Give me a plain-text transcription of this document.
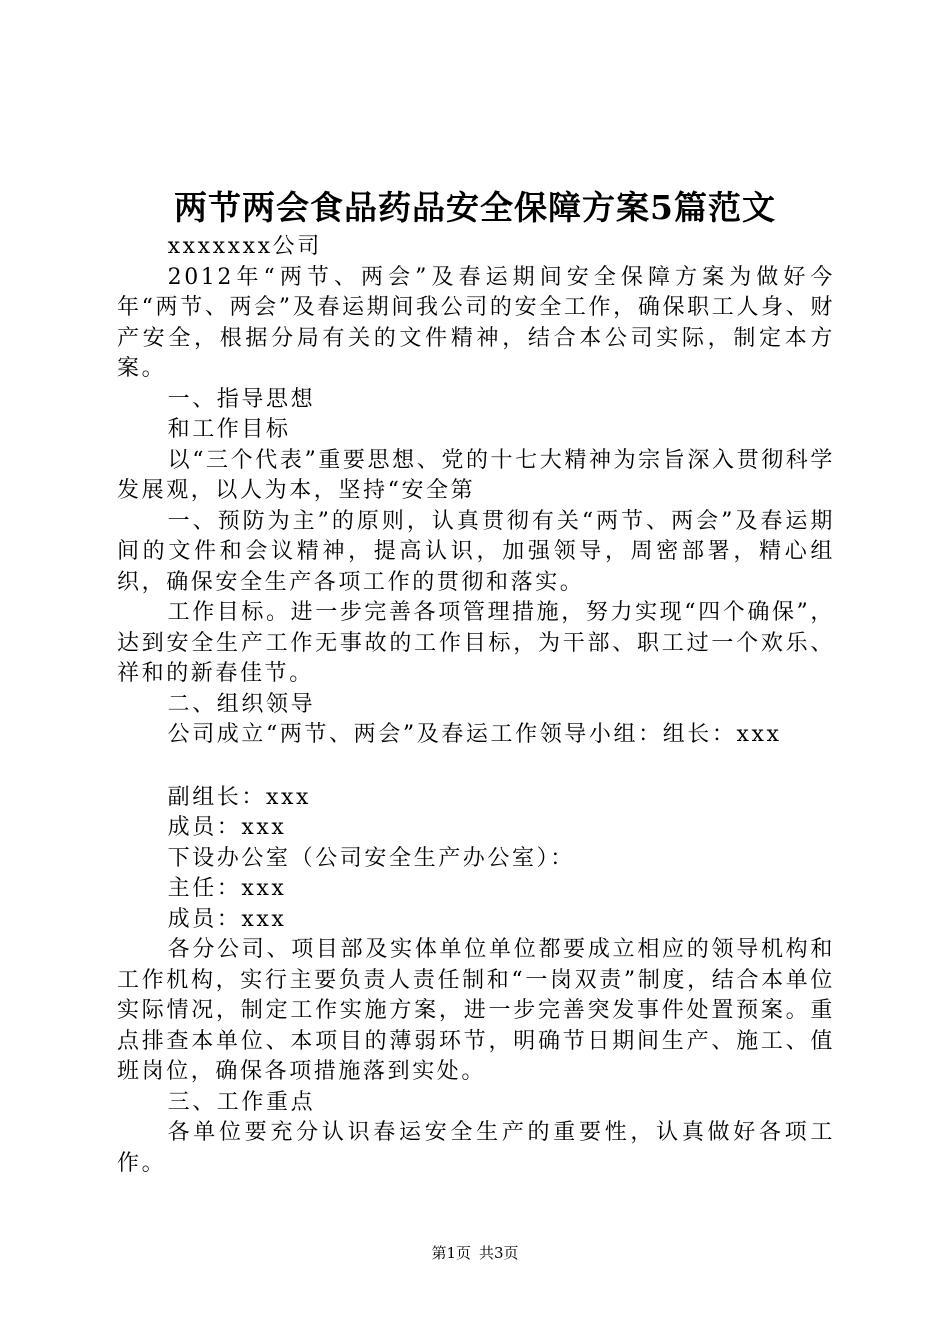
两节两会食品药品安全保障方案5篇范文

xxxxxxx公司

2012年“两节、两会”及春运期间安全保障方案为做好今年“两节、两会”及春运期间我公司的安全工作，确保职工人身、财产安全，根据分局有关的文件精神，结合本公司实际，制定本方案。

一、指导思想

和工作目标

以“三个代表”重要思想、党的十七大精神为宗旨深入贯彻科学发展观，以人为本，坚持“安全第

一、预防为主”的原则，认真贯彻有关“两节、两会”及春运期间的文件和会议精神，提高认识，加强领导，周密部署，精心组织，确保安全生产各项工作的贯彻和落实。

工作目标。进一步完善各项管理措施，努力实现“四个确保”，达到安全生产工作无事故的工作目标，为干部、职工过一个欢乐、祥和的新春佳节。

二、组织领导

公司成立“两节、两会”及春运工作领导小组：组长：xxx

副组长：xxx

成员：xxx

下设办公室（公司安全生产办公室）：

主任：xxx

成员：xxx

各分公司、项目部及实体单位单位都要成立相应的领导机构和工作机构，实行主要负责人责任制和“一岗双责”制度，结合本单位实际情况，制定工作实施方案，进一步完善突发事件处置预案。重点排查本单位、本项目的薄弱环节，明确节日期间生产、施工、值班岗位，确保各项措施落到实处。

三、工作重点

各单位要充分认识春运安全生产的重要性，认真做好各项工作。

第1页 共3页
